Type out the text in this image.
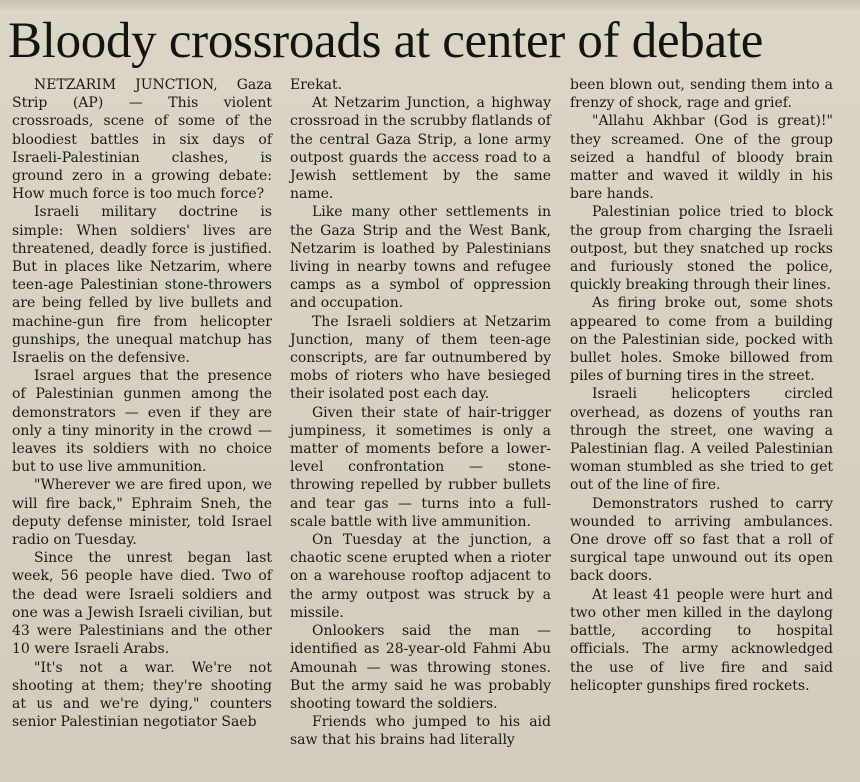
Bloody crossroads at center of debate

NETZARIM JUNCTION, Gaza Strip (AP) — This violent crossroads, scene of some of the bloodiest battles in six days of Israeli-Palestinian clashes, is ground zero in a growing debate: How much force is too much force?

Israeli military doctrine is simple: When soldiers' lives are threatened, deadly force is justified. But in places like Netzarim, where teen-age Palestinian stone-throwers are being felled by live bullets and machine-gun fire from helicopter gunships, the unequal matchup has Israelis on the defensive.

Israel argues that the presence of Palestinian gunmen among the demonstrators — even if they are only a tiny minority in the crowd — leaves its soldiers with no choice but to use live ammunition.

"Wherever we are fired upon, we will fire back," Ephraim Sneh, the deputy defense minister, told Israel radio on Tuesday.

Since the unrest began last week, 56 people have died. Two of the dead were Israeli soldiers and one was a Jewish Israeli civilian, but 43 were Palestinians and the other 10 were Israeli Arabs.

"It's not a war. We're not shooting at them; they're shooting at us and we're dying," counters senior Palestinian negotiator Saeb

Erekat.

At Netzarim Junction, a highway crossroad in the scrubby flatlands of the central Gaza Strip, a lone army outpost guards the access road to a Jewish settlement by the same name.

Like many other settlements in the Gaza Strip and the West Bank, Netzarim is loathed by Palestinians living in nearby towns and refugee camps as a symbol of oppression and occupation.

The Israeli soldiers at Netzarim Junction, many of them teen-age conscripts, are far outnumbered by mobs of rioters who have besieged their isolated post each day.

Given their state of hair-trigger jumpiness, it sometimes is only a matter of moments before a lower-level confrontation — stone-throwing repelled by rubber bullets and tear gas — turns into a full-scale battle with live ammunition.

On Tuesday at the junction, a chaotic scene erupted when a rioter on a warehouse rooftop adjacent to the army outpost was struck by a missile.

Onlookers said the man — identified as 28-year-old Fahmi Abu Amounah — was throwing stones. But the army said he was probably shooting toward the soldiers.

Friends who jumped to his aid saw that his brains had literally

been blown out, sending them into a frenzy of shock, rage and grief.

"Allahu Akhbar (God is great)!" they screamed. One of the group seized a handful of bloody brain matter and waved it wildly in his bare hands.

Palestinian police tried to block the group from charging the Israeli outpost, but they snatched up rocks and furiously stoned the police, quickly breaking through their lines.

As firing broke out, some shots appeared to come from a building on the Palestinian side, pocked with bullet holes. Smoke billowed from piles of burning tires in the street.

Israeli helicopters circled overhead, as dozens of youths ran through the street, one waving a Palestinian flag. A veiled Palestinian woman stumbled as she tried to get out of the line of fire.

Demonstrators rushed to carry wounded to arriving ambulances. One drove off so fast that a roll of surgical tape unwound out its open back doors.

At least 41 people were hurt and two other men killed in the daylong battle, according to hospital officials. The army acknowledged the use of live fire and said helicopter gunships fired rockets.
